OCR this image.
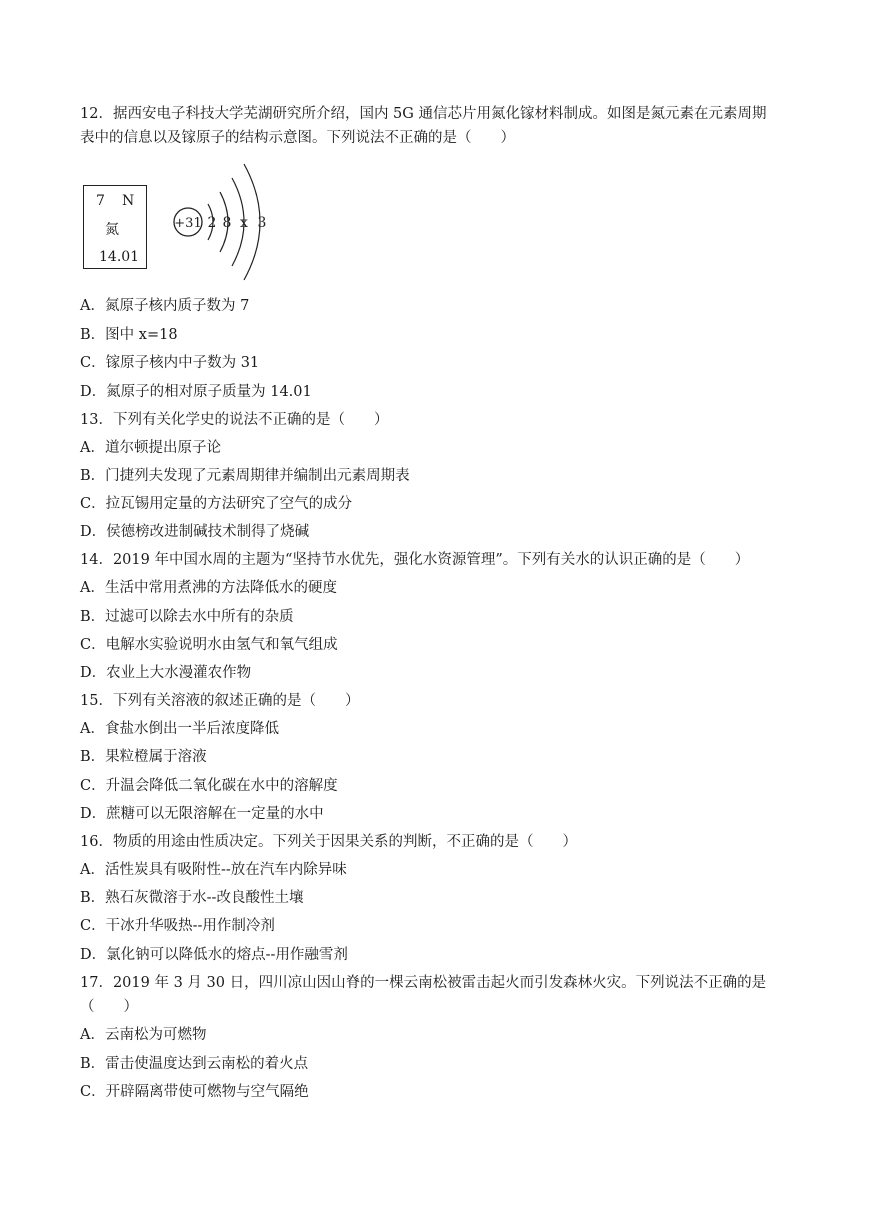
12．据西安电子科技大学芜湖研究所介绍，国内 5G 通信芯片用氮化镓材料制成。如图是氮元素在元素周期
表中的信息以及镓原子的结构示意图。下列说法不正确的是（　　）
7 N
氮
14.01
+31 2 8 x 3
A．氮原子核内质子数为 7
B．图中 x=18
C．镓原子核内中子数为 31
D．氮原子的相对原子质量为 14.01
13．下列有关化学史的说法不正确的是（　　）
A．道尔顿提出原子论
B．门捷列夫发现了元素周期律并编制出元素周期表
C．拉瓦锡用定量的方法研究了空气的成分
D．侯德榜改进制碱技术制得了烧碱
14．2019 年中国水周的主题为“坚持节水优先，强化水资源管理”。下列有关水的认识正确的是（　　）
A．生活中常用煮沸的方法降低水的硬度
B．过滤可以除去水中所有的杂质
C．电解水实验说明水由氢气和氧气组成
D．农业上大水漫灌农作物
15．下列有关溶液的叙述正确的是（　　）
A．食盐水倒出一半后浓度降低
B．果粒橙属于溶液
C．升温会降低二氧化碳在水中的溶解度
D．蔗糖可以无限溶解在一定量的水中
16．物质的用途由性质决定。下列关于因果关系的判断，不正确的是（　　）
A．活性炭具有吸附性--放在汽车内除异味
B．熟石灰微溶于水--改良酸性土壤
C．干冰升华吸热--用作制冷剂
D．氯化钠可以降低水的熔点--用作融雪剂
17．2019 年 3 月 30 日，四川凉山因山脊的一棵云南松被雷击起火而引发森林火灾。下列说法不正确的是
（　　）
A．云南松为可燃物
B．雷击使温度达到云南松的着火点
C．开辟隔离带使可燃物与空气隔绝
